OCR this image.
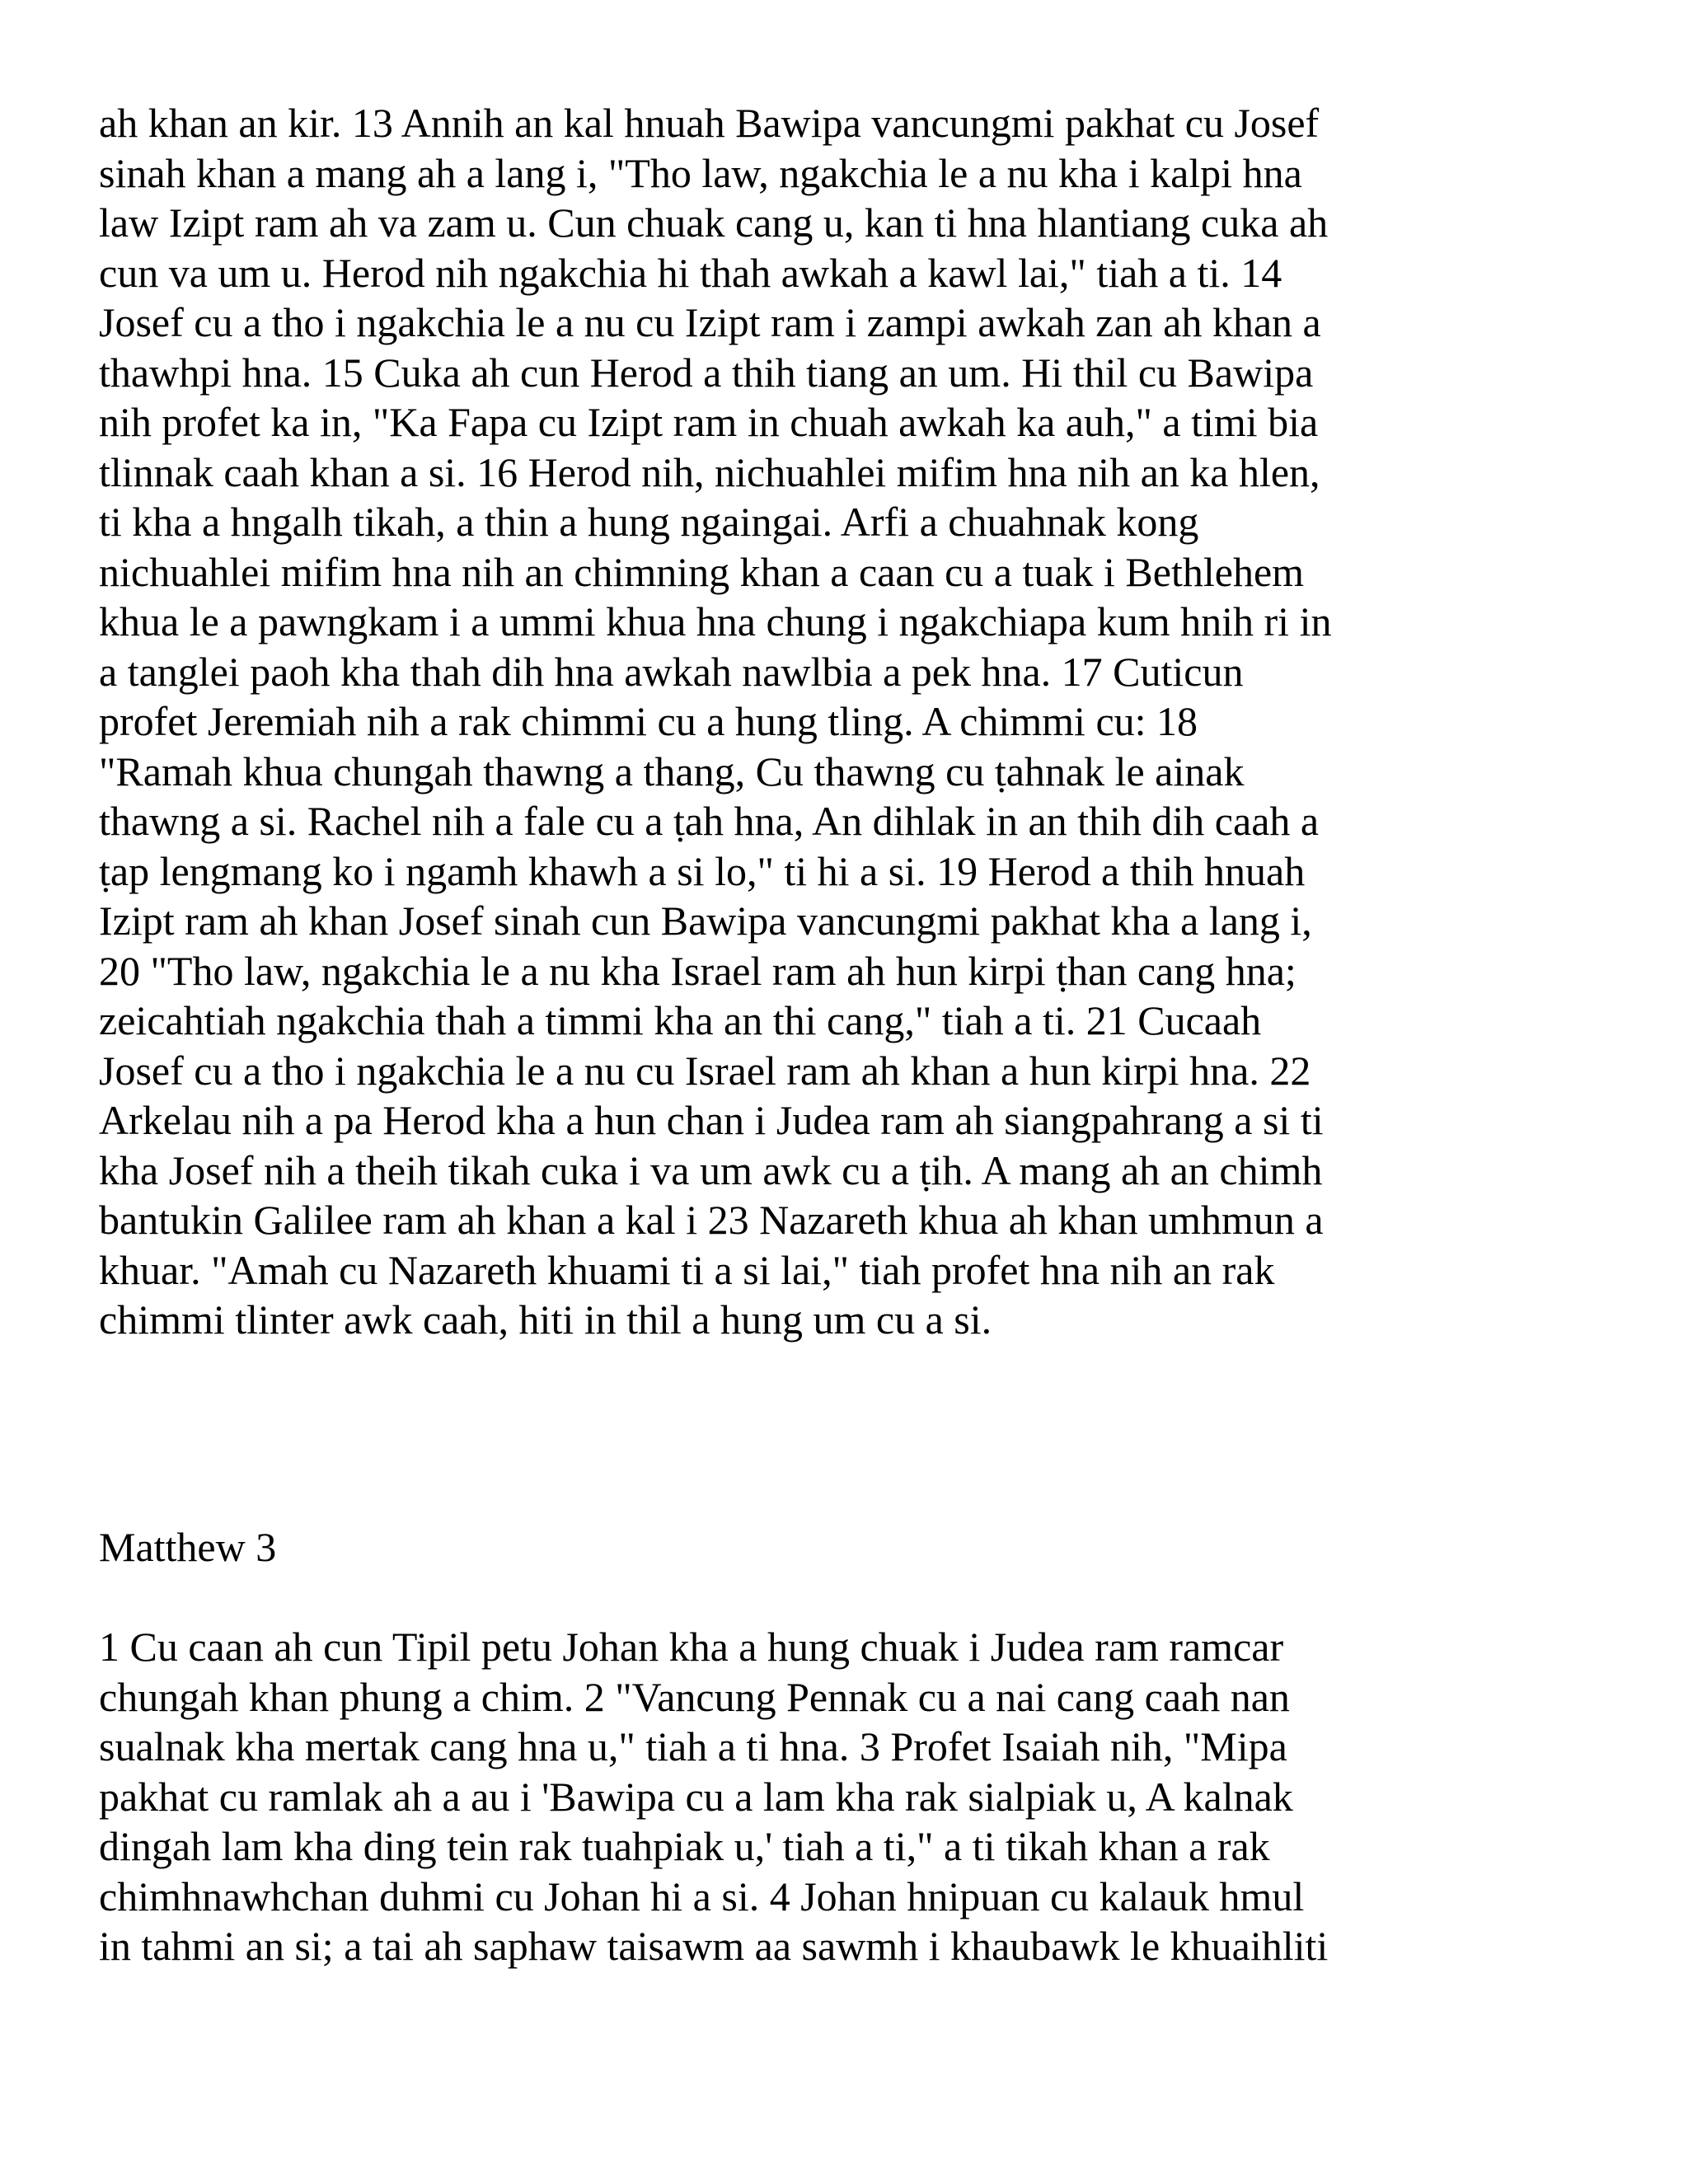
ah khan an kir. 13 Annih an kal hnuah Bawipa vancungmi pakhat cu Josef
sinah khan a mang ah a lang i, "Tho law, ngakchia le a nu kha i kalpi hna
law Izipt ram ah va zam u. Cun chuak cang u, kan ti hna hlantiang cuka ah
cun va um u. Herod nih ngakchia hi thah awkah a kawl lai," tiah a ti. 14
Josef cu a tho i ngakchia le a nu cu Izipt ram i zampi awkah zan ah khan a
thawhpi hna. 15 Cuka ah cun Herod a thih tiang an um. Hi thil cu Bawipa
nih profet ka in, "Ka Fapa cu Izipt ram in chuah awkah ka auh," a timi bia
tlinnak caah khan a si. 16 Herod nih, nichuahlei mifim hna nih an ka hlen,
ti kha a hngalh tikah, a thin a hung ngaingai. Arfi a chuahnak kong
nichuahlei mifim hna nih an chimning khan a caan cu a tuak i Bethlehem
khua le a pawngkam i a ummi khua hna chung i ngakchiapa kum hnih ri in
a tanglei paoh kha thah dih hna awkah nawlbia a pek hna. 17 Cuticun
profet Jeremiah nih a rak chimmi cu a hung tling. A chimmi cu: 18
"Ramah khua chungah thawng a thang, Cu thawng cu ṭahnak le ainak
thawng a si. Rachel nih a fale cu a ṭah hna, An dihlak in an thih dih caah a
ṭap lengmang ko i ngamh khawh a si lo," ti hi a si. 19 Herod a thih hnuah
Izipt ram ah khan Josef sinah cun Bawipa vancungmi pakhat kha a lang i,
20 "Tho law, ngakchia le a nu kha Israel ram ah hun kirpi ṭhan cang hna;
zeicahtiah ngakchia thah a timmi kha an thi cang," tiah a ti. 21 Cucaah
Josef cu a tho i ngakchia le a nu cu Israel ram ah khan a hun kirpi hna. 22
Arkelau nih a pa Herod kha a hun chan i Judea ram ah siangpahrang a si ti
kha Josef nih a theih tikah cuka i va um awk cu a ṭih. A mang ah an chimh
bantukin Galilee ram ah khan a kal i 23 Nazareth khua ah khan umhmun a
khuar. "Amah cu Nazareth khuami ti a si lai," tiah profet hna nih an rak
chimmi tlinter awk caah, hiti in thil a hung um cu a si.
Matthew 3
1 Cu caan ah cun Tipil petu Johan kha a hung chuak i Judea ram ramcar
chungah khan phung a chim. 2 "Vancung Pennak cu a nai cang caah nan
sualnak kha mertak cang hna u," tiah a ti hna. 3 Profet Isaiah nih, "Mipa
pakhat cu ramlak ah a au i 'Bawipa cu a lam kha rak sialpiak u, A kalnak
dingah lam kha ding tein rak tuahpiak u,' tiah a ti," a ti tikah khan a rak
chimhnawhchan duhmi cu Johan hi a si. 4 Johan hnipuan cu kalauk hmul
in tahmi an si; a tai ah saphaw taisawm aa sawmh i khaubawk le khuaihliti
